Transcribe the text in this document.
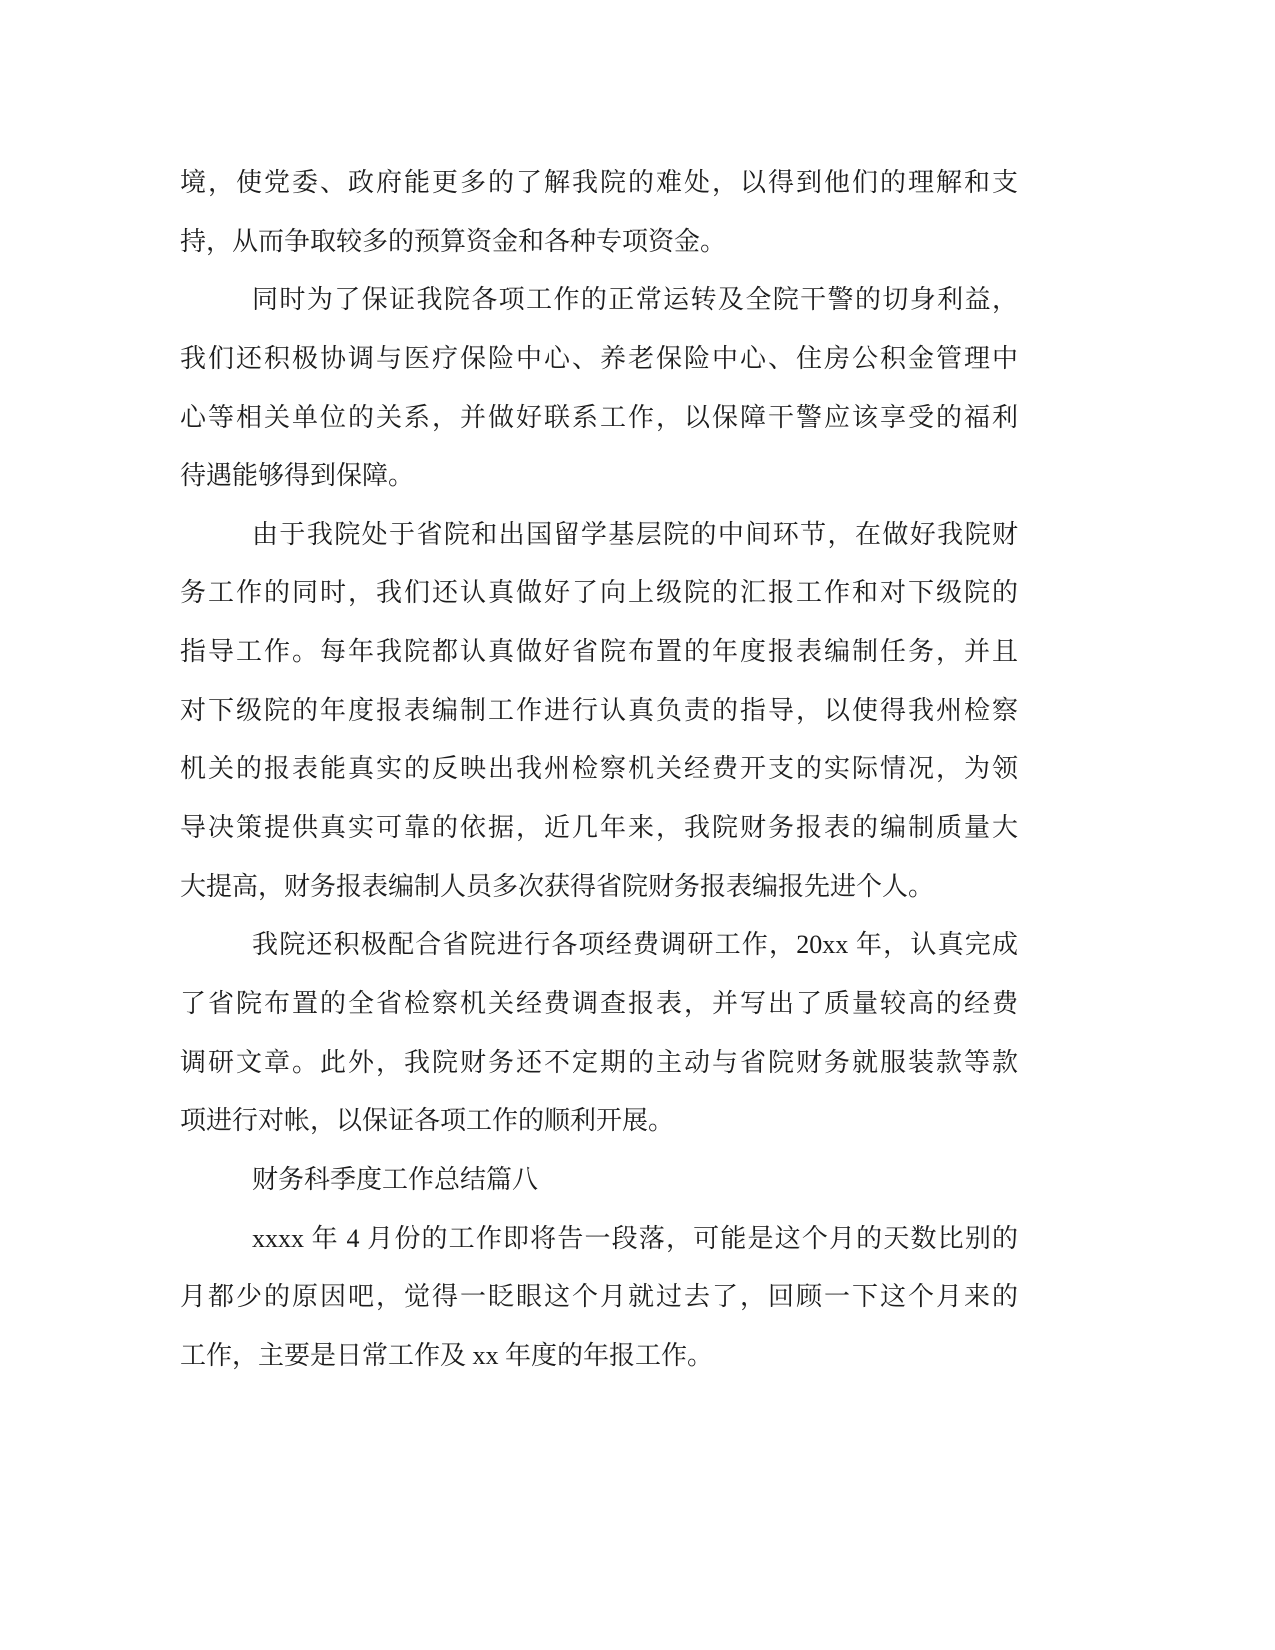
境，使党委、政府能更多的了解我院的难处，以得到他们的理解和支
持，从而争取较多的预算资金和各种专项资金。
同时为了保证我院各项工作的正常运转及全院干警的切身利益，
我们还积极协调与医疗保险中心、养老保险中心、住房公积金管理中
心等相关单位的关系，并做好联系工作，以保障干警应该享受的福利
待遇能够得到保障。
由于我院处于省院和出国留学基层院的中间环节，在做好我院财
务工作的同时，我们还认真做好了向上级院的汇报工作和对下级院的
指导工作。每年我院都认真做好省院布置的年度报表编制任务，并且
对下级院的年度报表编制工作进行认真负责的指导，以使得我州检察
机关的报表能真实的反映出我州检察机关经费开支的实际情况，为领
导决策提供真实可靠的依据，近几年来，我院财务报表的编制质量大
大提高，财务报表编制人员多次获得省院财务报表编报先进个人。
我院还积极配合省院进行各项经费调研工作，20xx 年，认真完成
了省院布置的全省检察机关经费调查报表，并写出了质量较高的经费
调研文章。此外，我院财务还不定期的主动与省院财务就服装款等款
项进行对帐，以保证各项工作的顺利开展。
财务科季度工作总结篇八
xxxx 年 4 月份的工作即将告一段落，可能是这个月的天数比别的
月都少的原因吧，觉得一眨眼这个月就过去了，回顾一下这个月来的
工作，主要是日常工作及 xx 年度的年报工作。
